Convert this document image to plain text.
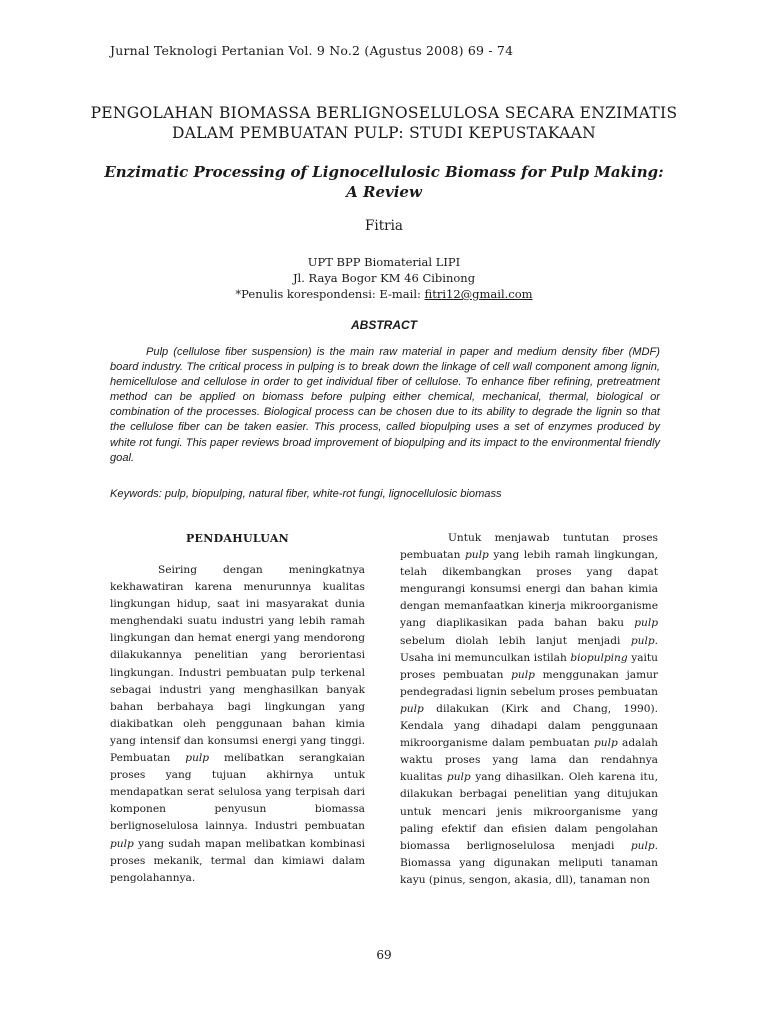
Jurnal Teknologi Pertanian Vol. 9 No.2 (Agustus 2008) 69 - 74
PENGOLAHAN BIOMASSA BERLIGNOSELULOSA SECARA ENZIMATIS
DALAM PEMBUATAN PULP: STUDI KEPUSTAKAAN
Enzimatic Processing of Lignocellulosic Biomass for Pulp Making:
A Review
Fitria
UPT BPP Biomaterial LIPI
Jl. Raya Bogor KM 46 Cibinong
*Penulis korespondensi: E-mail: fitri12@gmail.com
ABSTRACT
Pulp (cellulose fiber suspension) is the main raw material in paper and medium density fiber (MDF) board industry. The critical process in pulping is to break down the linkage of cell wall component among lignin, hemicellulose and cellulose in order to get individual fiber of cellulose. To enhance fiber refining, pretreatment method can be applied on biomass before pulping either chemical, mechanical, thermal, biological or combination of the processes. Biological process can be chosen due to its ability to degrade the lignin so that the cellulose fiber can be taken easier. This process, called biopulping uses a set of enzymes produced by white rot fungi. This paper reviews broad improvement of biopulping and its impact to the environmental friendly goal.
Keywords: pulp, biopulping, natural fiber, white-rot fungi, lignocellulosic biomass
PENDAHULUAN

Seiring dengan meningkatnya kekhawatiran karena menurunnya kualitas lingkungan hidup, saat ini masyarakat dunia menghendaki suatu industri yang lebih ramah lingkungan dan hemat energi yang mendorong dilakukannya penelitian yang berorientasi lingkungan. Industri pembuatan pulp terkenal sebagai industri yang menghasilkan banyak bahan berbahaya bagi lingkungan yang diakibatkan oleh penggunaan bahan kimia yang intensif dan konsumsi energi yang tinggi. Pembuatan pulp melibatkan serangkaian proses yang tujuan akhirnya untuk mendapatkan serat selulosa yang terpisah dari komponen penyusun biomassa berlignoselulosa lainnya. Industri pembuatan pulp yang sudah mapan melibatkan kombinasi proses mekanik, termal dan kimiawi dalam pengolahannya.

Untuk menjawab tuntutan proses pembuatan pulp yang lebih ramah lingkungan, telah dikembangkan proses yang dapat mengurangi konsumsi energi dan bahan kimia dengan memanfaatkan kinerja mikroorganisme yang diaplikasikan pada bahan baku pulp sebelum diolah lebih lanjut menjadi pulp. Usaha ini memunculkan istilah biopulping yaitu proses pembuatan pulp menggunakan jamur pendegradasi lignin sebelum proses pembuatan pulp dilakukan (Kirk and Chang, 1990). Kendala yang dihadapi dalam penggunaan mikroorganisme dalam pembuatan pulp adalah waktu proses yang lama dan rendahnya kualitas pulp yang dihasilkan. Oleh karena itu, dilakukan berbagai penelitian yang ditujukan untuk mencari jenis mikroorganisme yang paling efektif dan efisien dalam pengolahan biomassa berlignoselulosa menjadi pulp. Biomassa yang digunakan meliputi tanaman kayu (pinus, sengon, akasia, dll), tanaman non

69
